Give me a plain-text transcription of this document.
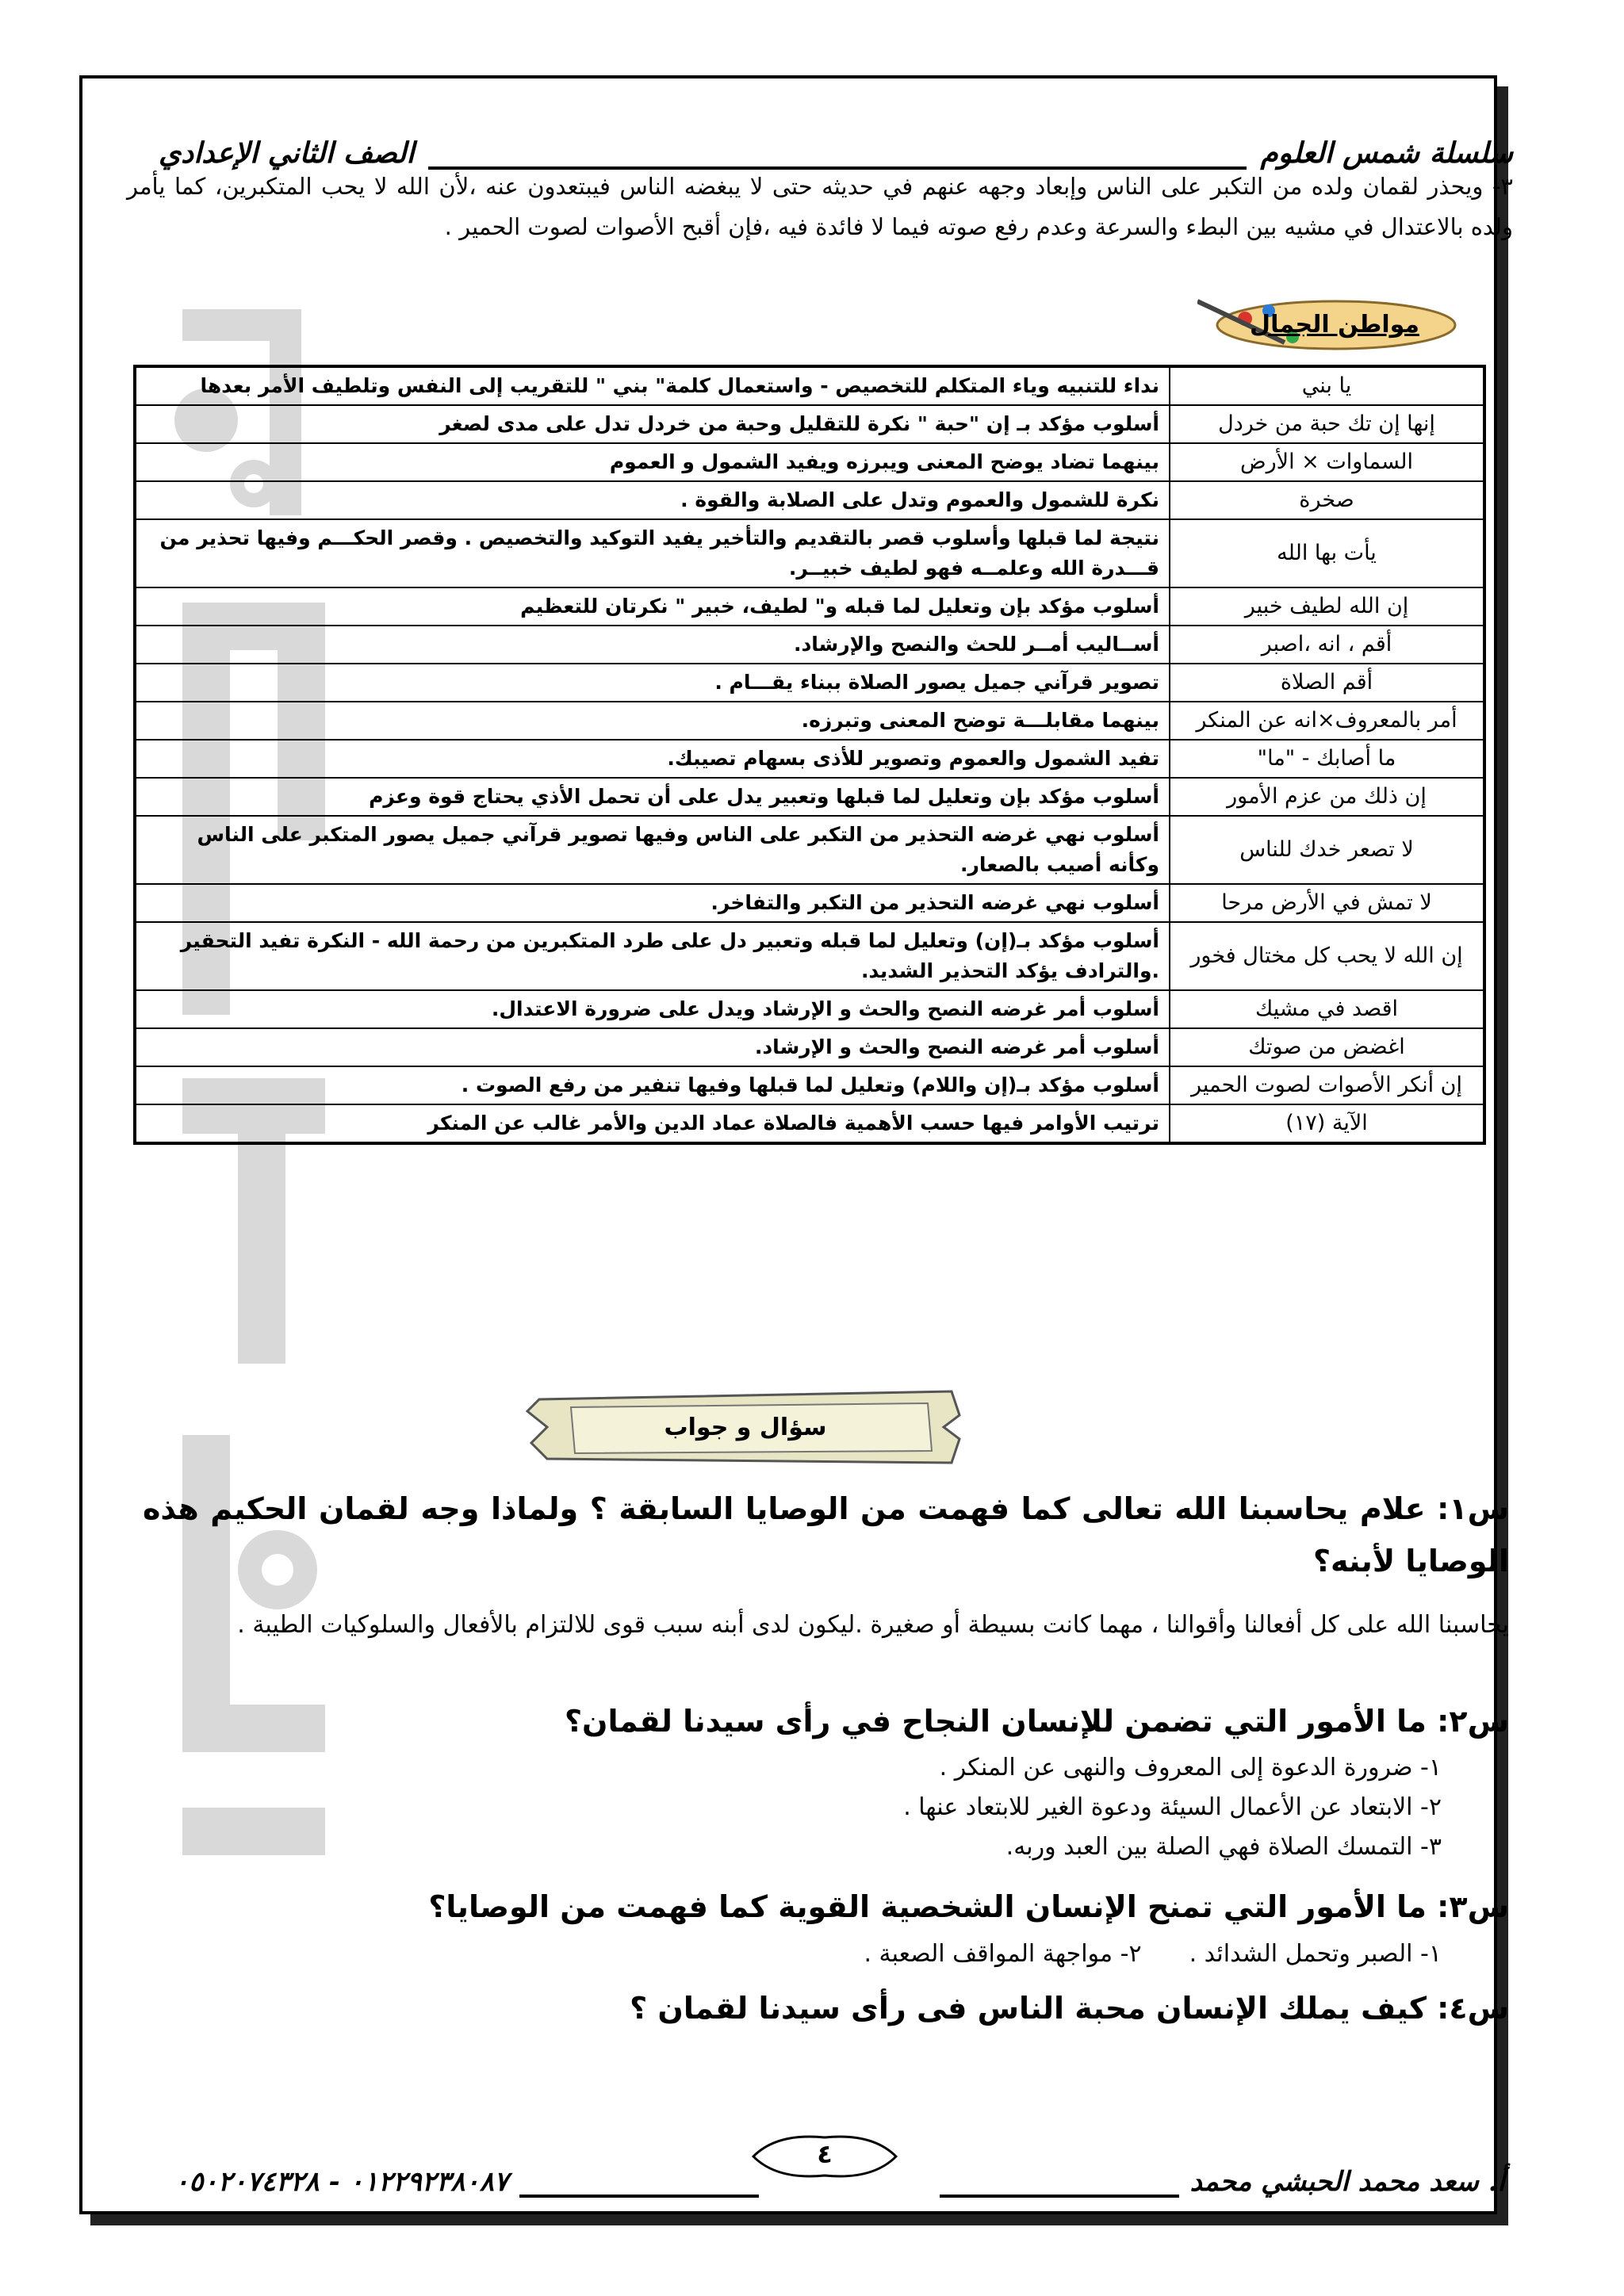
سلسلة شمس العلوم
الصف الثاني الإعدادي
٣- ويحذر لقمان ولده من التكبر على الناس وإبعاد وجهه عنهم في حديثه حتى لا يبغضه الناس فيبتعدون عنه ،لأن الله لا يحب المتكبرين، كما يأمر ولده بالاعتدال في مشيه بين البطء والسرعة وعدم رفع صوته فيما لا فائدة فيه ،فإن أقبح الأصوات لصوت الحمير .
مواطن الجمال
يا بني	نداء للتنبيه وياء المتكلم للتخصيص - واستعمال كلمة" بني " للتقريب إلى النفس وتلطيف الأمر بعدها
إنها إن تك حبة من خردل	أسلوب مؤكد بـ إن "حبة " نكرة للتقليل وحبة من خردل تدل على مدى لصغر
السماوات × الأرض	بينهما تضاد يوضح المعنى ويبرزه ويفيد الشمول و العموم
صخرة	نكرة للشمول والعموم وتدل على الصلابة والقوة .
يأت بها الله	نتيجة لما قبلها وأسلوب قصر بالتقديم والتأخير يفيد التوكيد والتخصيص . وقصر الحكـــم وفيها تحذير من قـــدرة الله وعلمــه فهو لطيف خبيــر.
إن الله لطيف خبير	أسلوب مؤكد بإن وتعليل لما قبله و" لطيف، خبير " نكرتان للتعظيم
أقم ، انه ،اصبر	أســاليب أمــر للحث والنصح والإرشاد.
أقم الصلاة	تصوير قرآني جميل يصور الصلاة ببناء يقـــام .
أمر بالمعروف×انه عن المنكر	بينهما مقابلـــة توضح المعنى وتبرزه.
ما أصابك - "ما"	تفيد الشمول والعموم وتصوير للأذى بسهام تصيبك.
إن ذلك من عزم الأمور	أسلوب مؤكد بإن وتعليل لما قبلها وتعبير يدل على أن تحمل الأذي يحتاج قوة وعزم
لا تصعر خدك للناس	أسلوب نهي غرضه التحذير من التكبر على الناس وفيها تصوير قرآني جميل يصور المتكبر على الناس وكأنه أصيب بالصعار.
لا تمش في الأرض مرحا	أسلوب نهي غرضه التحذير من التكبر والتفاخر.
إن الله لا يحب كل مختال فخور	أسلوب مؤكد بـ(إن) وتعليل لما قبله وتعبير دل على طرد المتكبرين من رحمة الله - النكرة تفيد التحقير .والترادف يؤكد التحذير الشديد.
اقصد في مشيك	أسلوب أمر غرضه النصح والحث و الإرشاد ويدل على ضرورة الاعتدال.
اغضض من صوتك	أسلوب أمر غرضه النصح والحث و الإرشاد.
إن أنكر الأصوات لصوت الحمير	أسلوب مؤكد بـ(إن واللام) وتعليل لما قبلها وفيها تنفير من رفع الصوت .
الآية (١٧)	ترتيب الأوامر فيها حسب الأهمية فالصلاة عماد الدين والأمر غالب عن المنكر
سؤال و جواب
س١: علام يحاسبنا الله تعالى كما فهمت من الوصايا السابقة ؟ ولماذا وجه لقمان الحكيم هذه الوصايا لأبنه؟
يحاسبنا الله على كل أفعالنا وأقوالنا ، مهما كانت بسيطة أو صغيرة .ليكون لدى أبنه سبب قوى للالتزام بالأفعال والسلوكيات الطيبة .
س٢: ما الأمور التي تضمن للإنسان النجاح في رأى سيدنا لقمان؟
١- ضرورة الدعوة إلى المعروف والنهى عن المنكر .
٢- الابتعاد عن الأعمال السيئة ودعوة الغير للابتعاد عنها .
٣- التمسك الصلاة فهي الصلة بين العبد وربه.
س٣: ما الأمور التي تمنح الإنسان الشخصية القوية كما فهمت من الوصايا؟
١- الصبر وتحمل الشدائد .
٢- مواجهة المواقف الصعبة .
س٤: كيف يملك الإنسان محبة الناس فى رأى سيدنا لقمان ؟
أ. سعد محمد الحبشي محمد
٠١٢٢٩٢٣٨٠٨٧ - ٠٥٠٢٠٧٤٣٢٨
٤
